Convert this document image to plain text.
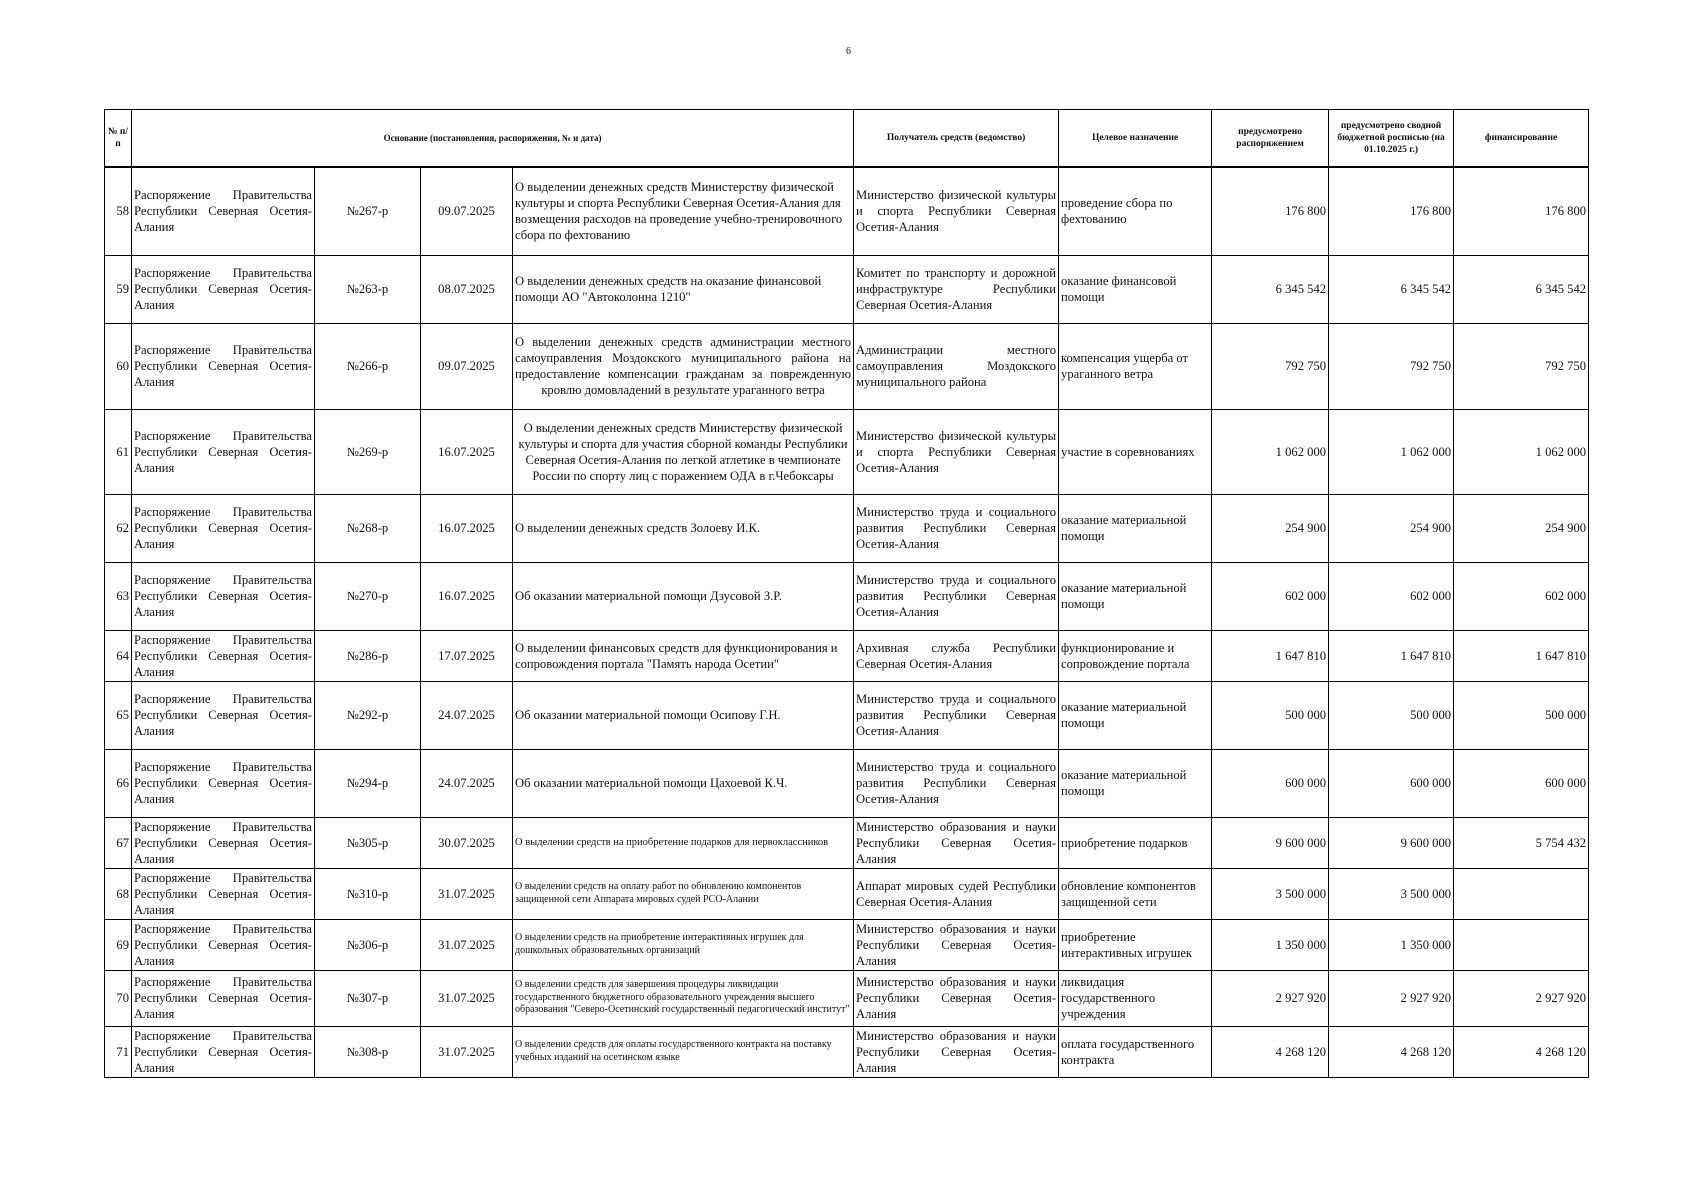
6
№ п/п	Основание (постановления, распоряжения, № и дата)				Получатель средств (ведомство)	Целевое назначение	предусмотрено распоряжением	предусмотрено сводной бюджетной росписью (на 01.10.2025 г.)	финансирование
58	Распоряжение Правительства Республики Северная Осетия-Алания	№267-р	09.07.2025	О выделении денежных средств Министерству физической культуры и спорта Республики Северная Осетия-Алания для возмещения расходов на проведение учебно-тренировочного сбора по фехтованию	Министерство физической культуры и спорта Республики Северная Осетия-Алания	проведение сбора по фехтованию	176 800	176 800	176 800
59	Распоряжение Правительства Республики Северная Осетия-Алания	№263-р	08.07.2025	О выделении денежных средств на оказание финансовой помощи АО "Автоколонна 1210"	Комитет по транспорту и дорожной инфраструктуре Республики Северная Осетия-Алания	оказание финансовой помощи	6 345 542	6 345 542	6 345 542
60	Распоряжение Правительства Республики Северная Осетия-Алания	№266-р	09.07.2025	О выделении денежных средств администрации местного самоуправления Моздокского муниципального района на предоставление компенсации гражданам за поврежденную кровлю домовладений в результате ураганного ветра	Администрации местного самоуправления Моздокского муниципального района	компенсация ущерба от ураганного ветра	792 750	792 750	792 750
61	Распоряжение Правительства Республики Северная Осетия-Алания	№269-р	16.07.2025	О выделении денежных средств Министерству физической культуры и спорта для участия сборной команды Республики Северная Осетия-Алания по легкой атлетике в чемпионате России по спорту лиц с поражением ОДА в г.Чебоксары	Министерство физической культуры и спорта Республики Северная Осетия-Алания	участие в соревнованиях	1 062 000	1 062 000	1 062 000
62	Распоряжение Правительства Республики Северная Осетия-Алания	№268-р	16.07.2025	О выделении денежных средств Золоеву И.К.	Министерство труда и социального развития Республики Северная Осетия-Алания	оказание материальной помощи	254 900	254 900	254 900
63	Распоряжение Правительства Республики Северная Осетия-Алания	№270-р	16.07.2025	Об оказании материальной помощи Дзусовой З.Р.	Министерство труда и социального развития Республики Северная Осетия-Алания	оказание материальной помощи	602 000	602 000	602 000
64	Распоряжение Правительства Республики Северная Осетия-Алания	№286-р	17.07.2025	О выделении финансовых средств для функционирования и сопровождения портала "Память народа Осетии"	Архивная служба Республики Северная Осетия-Алания	функционирование и сопровождение портала	1 647 810	1 647 810	1 647 810
65	Распоряжение Правительства Республики Северная Осетия-Алания	№292-р	24.07.2025	Об оказании материальной помощи Осипову Г.Н.	Министерство труда и социального развития Республики Северная Осетия-Алания	оказание материальной помощи	500 000	500 000	500 000
66	Распоряжение Правительства Республики Северная Осетия-Алания	№294-р	24.07.2025	Об оказании материальной помощи Цахоевой К.Ч.	Министерство труда и социального развития Республики Северная Осетия-Алания	оказание материальной помощи	600 000	600 000	600 000
67	Распоряжение Правительства Республики Северная Осетия-Алания	№305-р	30.07.2025	О выделении средств на приобретение подарков для первоклассников	Министерство образования и науки Республики Северная Осетия-Алания	приобретение подарков	9 600 000	9 600 000	5 754 432
68	Распоряжение Правительства Республики Северная Осетия-Алания	№310-р	31.07.2025	О выделении средств на оплату работ по обновлению компонентов защищенной сети Аппарата мировых судей РСО-Алании	Аппарат мировых судей Республики Северная Осетия-Алания	обновление компонентов защищенной сети	3 500 000	3 500 000	
69	Распоряжение Правительства Республики Северная Осетия-Алания	№306-р	31.07.2025	О выделении средств на приобретение интерактивных игрушек для дошкольных образовательных организаций	Министерство образования и науки Республики Северная Осетия-Алания	приобретение интерактивных игрушек	1 350 000	1 350 000	
70	Распоряжение Правительства Республики Северная Осетия-Алания	№307-р	31.07.2025	О выделении средств для завершения процедуры ликвидации государственного бюджетного образовательного учреждения высшего образования "Северо-Осетинский государственный педагогический институт"	Министерство образования и науки Республики Северная Осетия-Алания	ликвидация государственного учреждения	2 927 920	2 927 920	2 927 920
71	Распоряжение Правительства Республики Северная Осетия-Алания	№308-р	31.07.2025	О выделении средств для оплаты государственного контракта на поставку учебных изданий на осетинском языке	Министерство образования и науки Республики Северная Осетия-Алания	оплата государственного контракта	4 268 120	4 268 120	4 268 120
